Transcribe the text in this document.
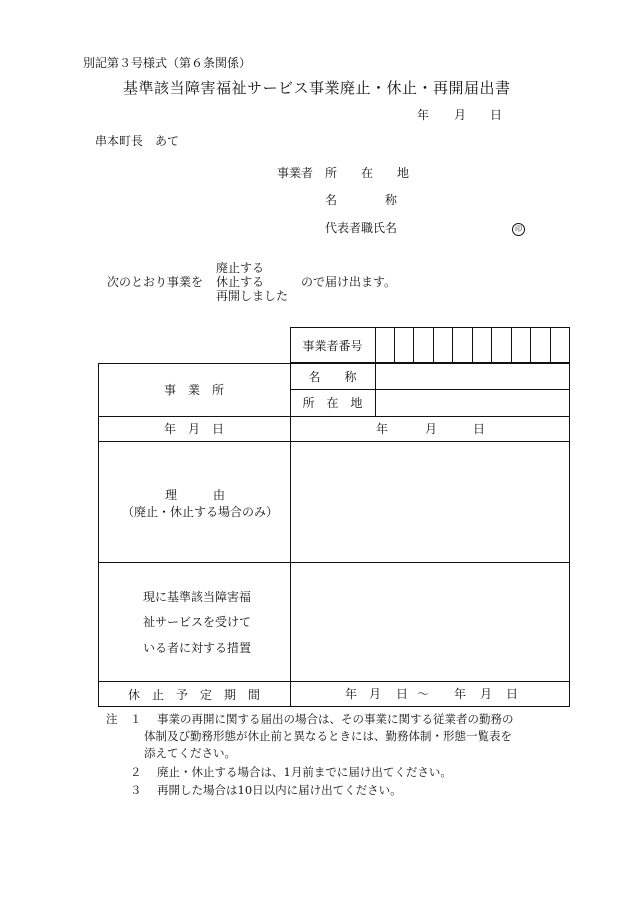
別記第３号様式（第６条関係）
基準該当障害福祉サービス事業廃止・休止・再開届出書
年 月 日
串本町長　あて
事業者 所　　在　　地
名　　　　称
代表者職氏名	印
次のとおり事業を
廃止する
休止する
再開しました
ので届け出ます。
事業者番号
事　業　所
名　　称
所　在　地
年　月　日	年	月	日
理　　　由
（廃止・休止する場合のみ）
現に基準該当障害福
祉サービスを受けて
いる者に対する措置
休　止　予　定　期　間	年 月 日 ～ 年 月 日
注 １ 事業の再開に関する届出の場合は、その事業に関する従業者の勤務の
体制及び勤務形態が休止前と異なるときには、勤務体制・形態一覧表を
添えてください。
２ 廃止・休止する場合は、1月前までに届け出てください。
３ 再開した場合は10日以内に届け出てください。
